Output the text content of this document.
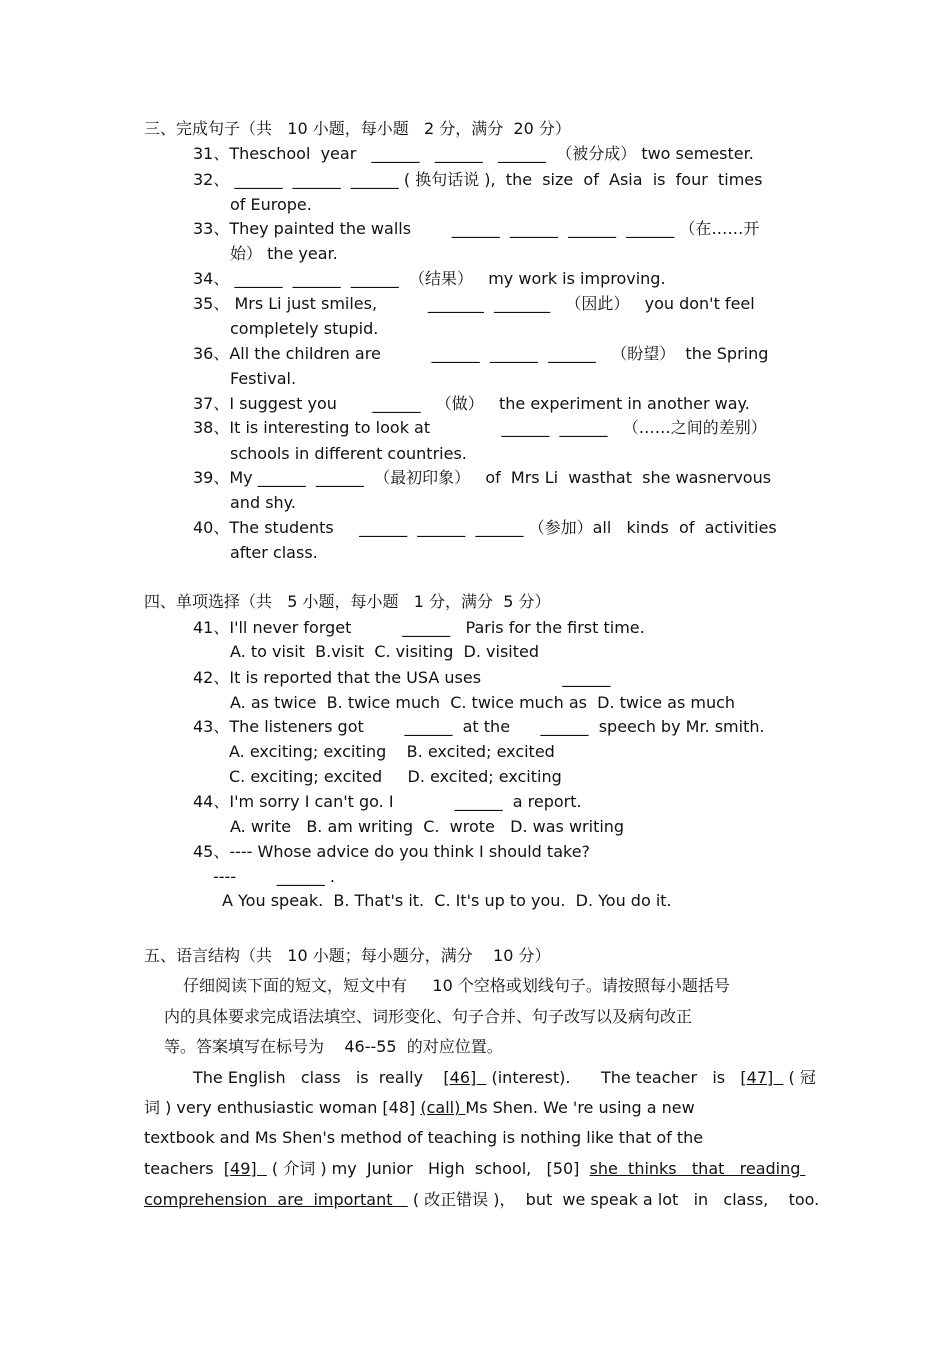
三、完成句子（共   10 小题，每小题   2 分，满分  20 分）
31、Theschool  year   ______   ______   ______  （被分成） two semester.
32、 ______  ______  ______ ( 换句话说 ),  the  size  of  Asia  is  four  times
of Europe.
33、They painted the walls        ______  ______  ______  ______ （在……开
始） the year.
34、 ______  ______  ______  （结果）   my work is improving.
35、 Mrs Li just smiles,          _______  _______   （因此）   you don't feel
completely stupid.
36、All the children are          ______  ______  ______   （盼望）  the Spring
Festival.
37、I suggest you       ______   （做）   the experiment in another way.
38、It is interesting to look at              ______  ______   （……之间的差别）
schools in different countries.
39、My ______  ______  （最初印象）   of  Mrs Li  wasthat  she wasnervous
and shy.
40、The students     ______  ______  ______ （参加）all   kinds  of  activities
after class.
四、单项选择（共   5 小题，每小题   1 分，满分  5 分）
41、I'll never forget          ______   Paris for the first time.
A. to visit  B.visit  C. visiting  D. visited
42、It is reported that the USA uses                ______
A. as twice  B. twice much  C. twice much as  D. twice as much
43、The listeners got        ______  at the      ______  speech by Mr. smith.
A. exciting; exciting    B. excited; excited
C. exciting; excited     D. excited; exciting
44、I'm sorry I can't go. I            ______  a report.
A. write   B. am writing  C.  wrote   D. was writing
45、---- Whose advice do you think I should take?
----        ______ .
A You speak.  B. That's it.  C. It's up to you.  D. You do it.
五、语言结构（共   10 小题；每小题分，满分    10 分）
仔细阅读下面的短文，短文中有     10 个空格或划线句子。请按照每小题括号
内的具体要求完成语法填空、词形变化、句子合并、句子改写以及病句改正
等。答案填写在标号为    46--55  的对应位置。
The English   class   is  really    [46]   (interest).      The teacher   is   [47]   ( 冠
词 ) very enthusiastic woman [48] (call) Ms Shen. We 're using a new
textbook and Ms Shen's method of teaching is nothing like that of the
teachers  [49]   ( 介词 ) my  Junior   High  school,   [50]  she  thinks   that   reading
comprehension  are  important    ( 改正错误 )，  but  we speak a lot   in   class,    too.
